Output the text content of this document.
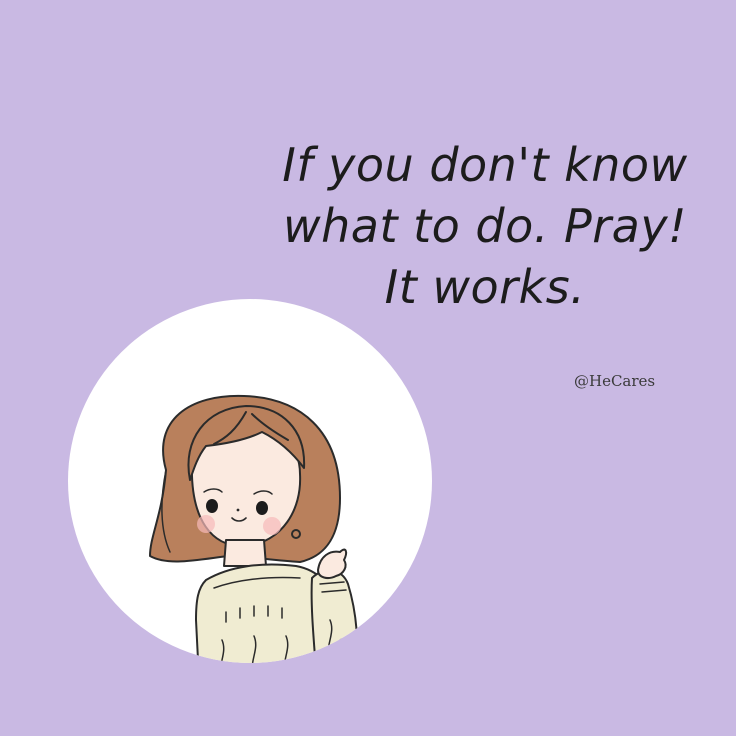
If you don't know
what to do. Pray!
It works.
@HeCares
